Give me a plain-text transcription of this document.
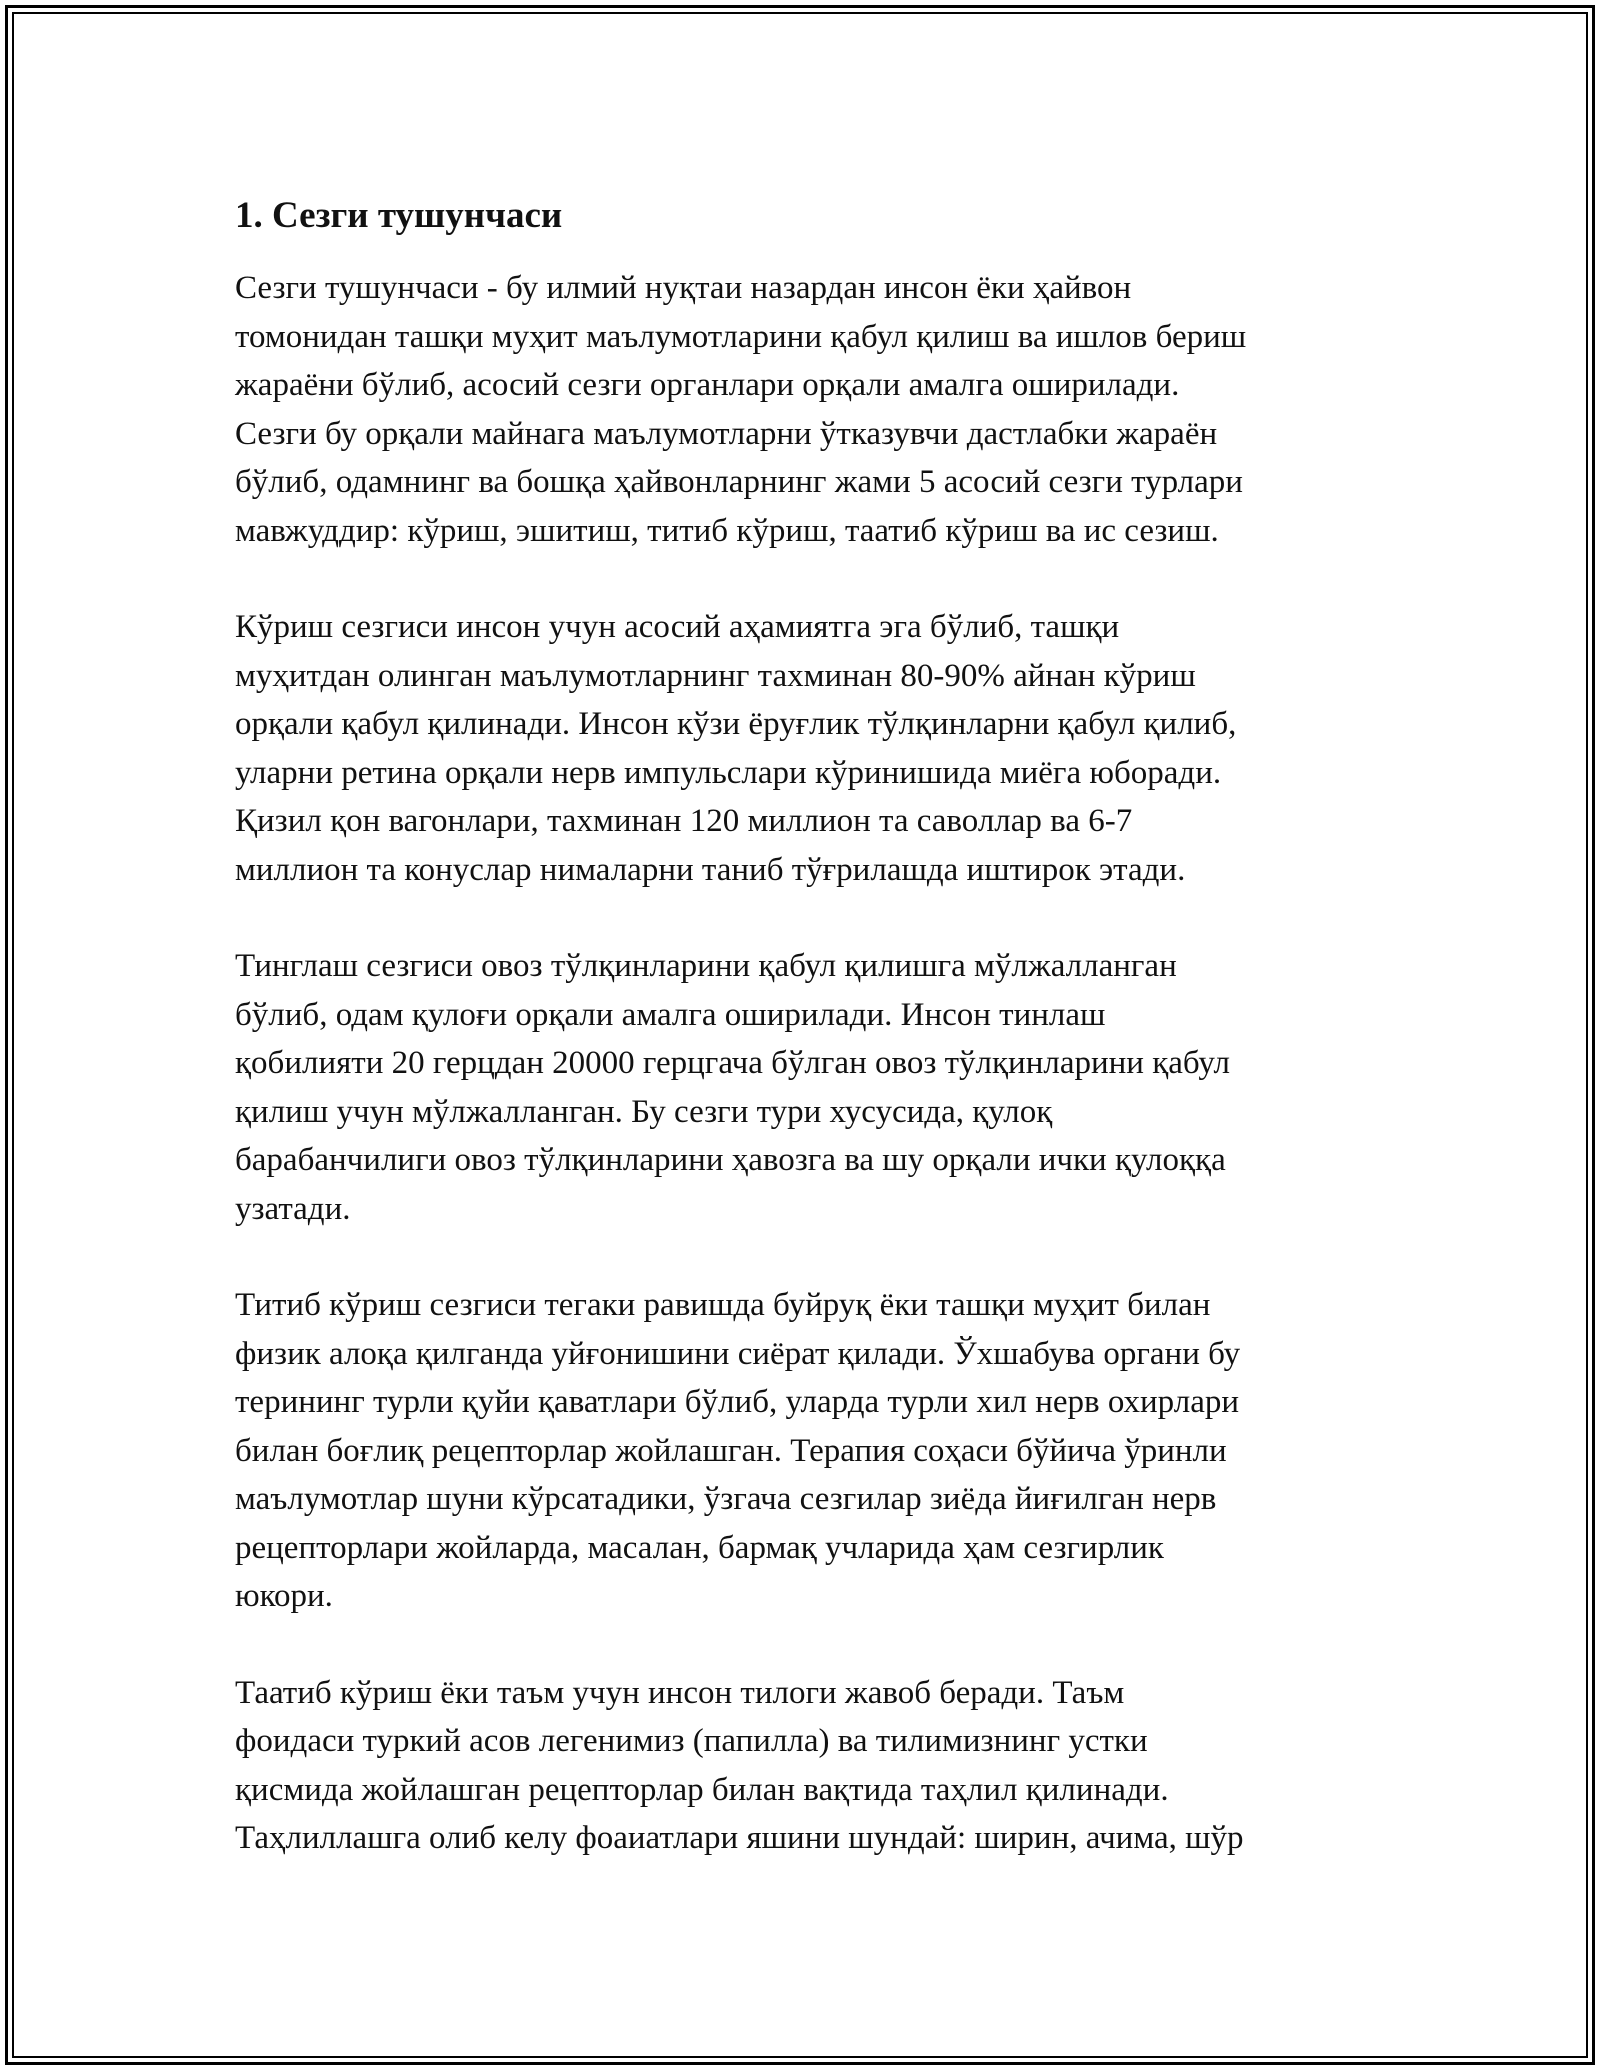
1. Сезги тушунчаси

Сезги тушунчаси - бу илмий нуқтаи назардан инсон ёки ҳайвон
томонидан ташқи муҳит маълумотларини қабул қилиш ва ишлов бериш
жараёни бўлиб, асосий сезги органлари орқали амалга оширилади.
Сезги бу орқали майнага маълумотларни ўтказувчи дастлабки жараён
бўлиб, одамнинг ва бошқа ҳайвонларнинг жами 5 асосий сезги турлари
мавжуддир: кўриш, эшитиш, титиб кўриш, таатиб кўриш ва ис сезиш.

Кўриш сезгиси инсон учун асосий аҳамиятга эга бўлиб, ташқи
муҳитдан олинган маълумотларнинг тахминан 80-90% айнан кўриш
орқали қабул қилинади. Инсон кўзи ёруғлик тўлқинларни қабул қилиб,
уларни ретина орқали нерв импульслари кўринишида миёга юборади.
Қизил қон вагонлари, тахминан 120 миллион та саволлар ва 6-7
миллион та конуслар нималарни таниб тўғрилашда иштирок этади.

Тинглаш сезгиси овоз тўлқинларини қабул қилишга мўлжалланган
бўлиб, одам қулоғи орқали амалга оширилади. Инсон тинлаш
қобилияти 20 герцдан 20000 герцгача бўлган овоз тўлқинларини қабул
қилиш учун мўлжалланган. Бу сезги тури хусусида, қулоқ
барабанчилиги овоз тўлқинларини ҳавозга ва шу орқали ички қулоққа
узатади.

Титиб кўриш сезгиси тегаки равишда буйруқ ёки ташқи муҳит билан
физик алоқа қилганда уйғонишини сиёрат қилади. Ўхшабува органи бу
терининг турли қуйи қаватлари бўлиб, уларда турли хил нерв охирлари
билан боғлиқ рецепторлар жойлашган. Терапия соҳаси бўйича ўринли
маълумотлар шуни кўрсатадики, ўзгача сезгилар зиёда йиғилган нерв
рецепторлари жойларда, масалан, бармақ учларида ҳам сезгирлик
юкори.

Таатиб кўриш ёки таъм учун инсон тилоги жавоб беради. Таъм
фоидаси туркий асов легенимиз (папилла) ва тилимизнинг устки
қисмида жойлашган рецепторлар билан вақтида таҳлил қилинади.
Таҳлиллашга олиб келу фоаиатлари яшини шундай: ширин, ачима, шўр
